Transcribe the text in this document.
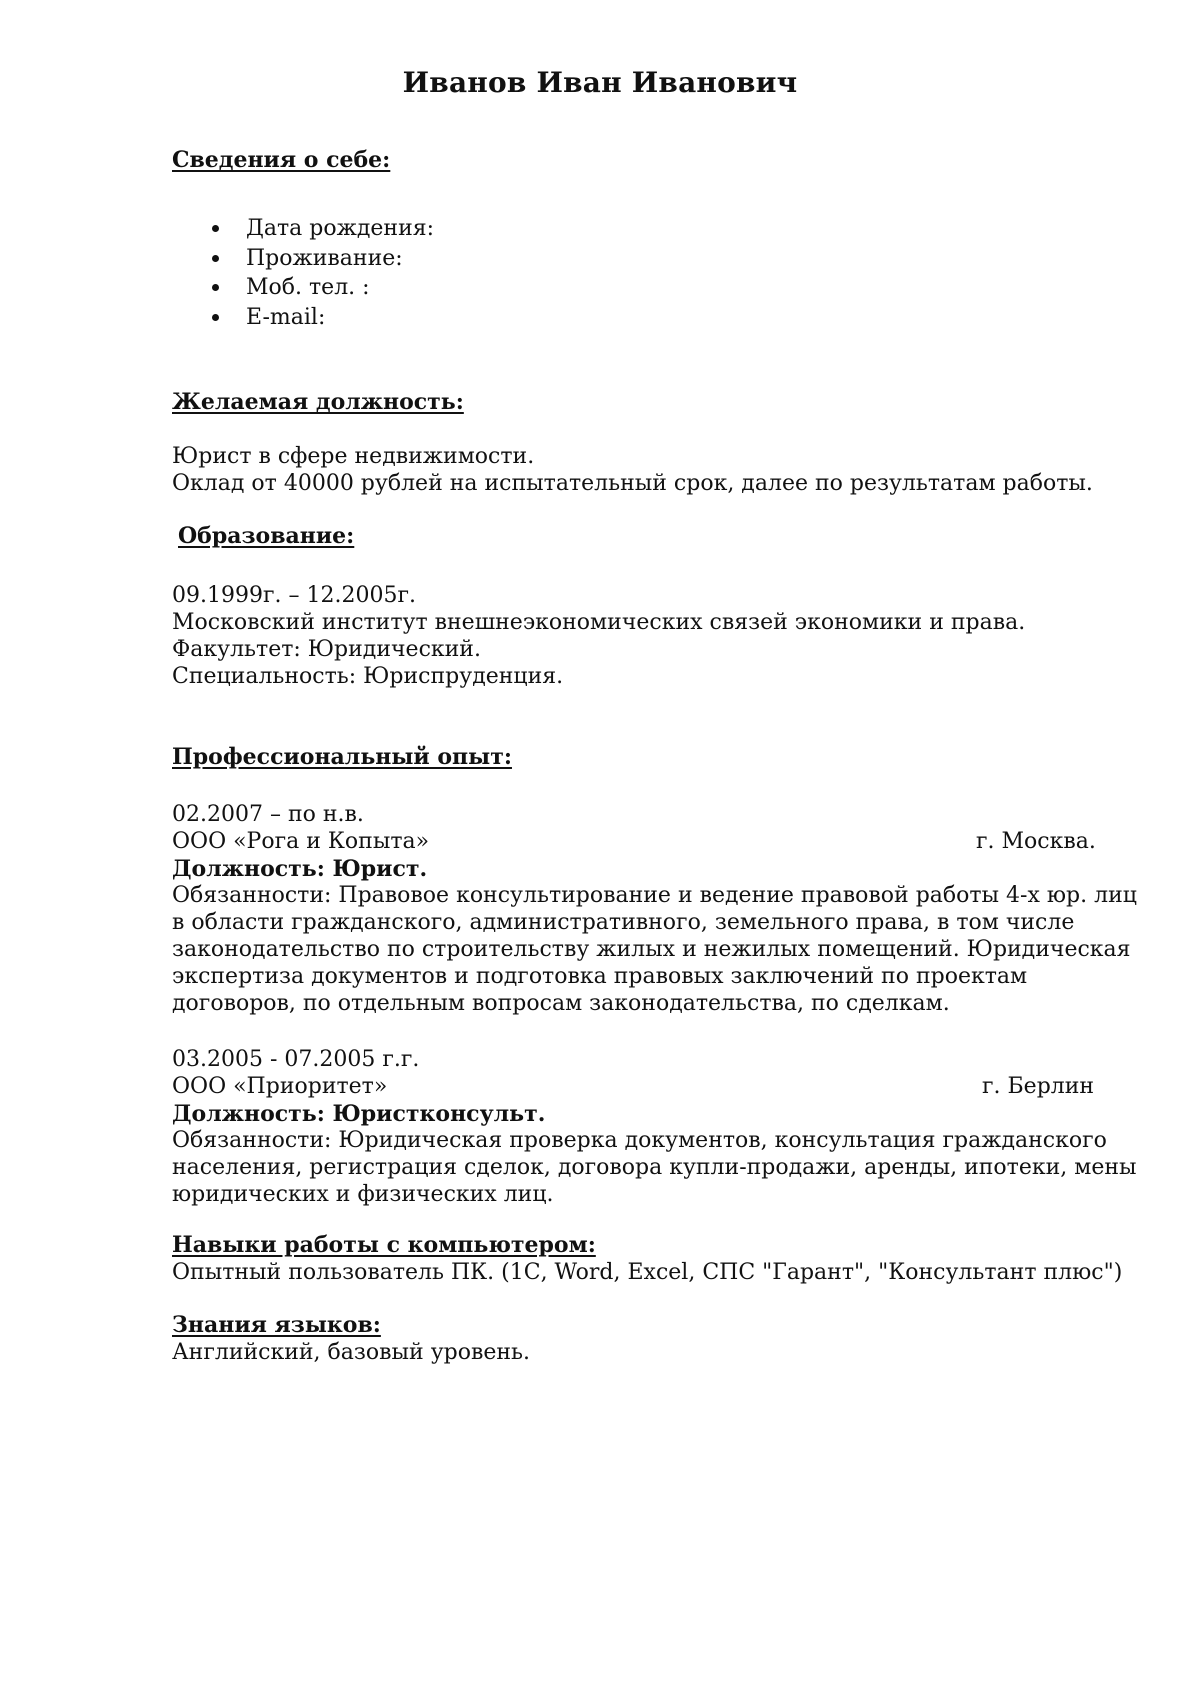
Иванов Иван Иванович
Сведения о себе:
Дата рождения:
Проживание:
Моб. тел. :
E-mail:
Желаемая должность:
Юрист в сфере недвижимости.
Оклад от 40000 рублей на испытательный срок, далее по результатам работы.
Образование:
09.1999г. – 12.2005г.
Московский институт внешнеэкономических связей экономики и права.
Факультет: Юридический.
Специальность: Юриспруденция.
Профессиональный опыт:
02.2007 – по н.в.
ООО «Рога и Копыта»	г. Москва.
Должность: Юрист.
Обязанности: Правовое консультирование и ведение правовой работы 4-х юр. лиц
в области гражданского, административного, земельного права, в том числе
законодательство по строительству жилых и нежилых помещений. Юридическая
экспертиза документов и подготовка правовых заключений по проектам
договоров, по отдельным вопросам законодательства, по сделкам.
03.2005 - 07.2005 г.г.
ООО «Приоритет»	г. Берлин
Должность: Юристконсульт.
Обязанности: Юридическая проверка документов, консультация гражданского
населения, регистрация сделок, договора купли-продажи, аренды, ипотеки, мены
юридических и физических лиц.
Навыки работы с компьютером:
Опытный пользователь ПК. (1С, Word, Excel, СПС "Гарант", "Консультант плюс")
Знания языков:
Английский, базовый уровень.
